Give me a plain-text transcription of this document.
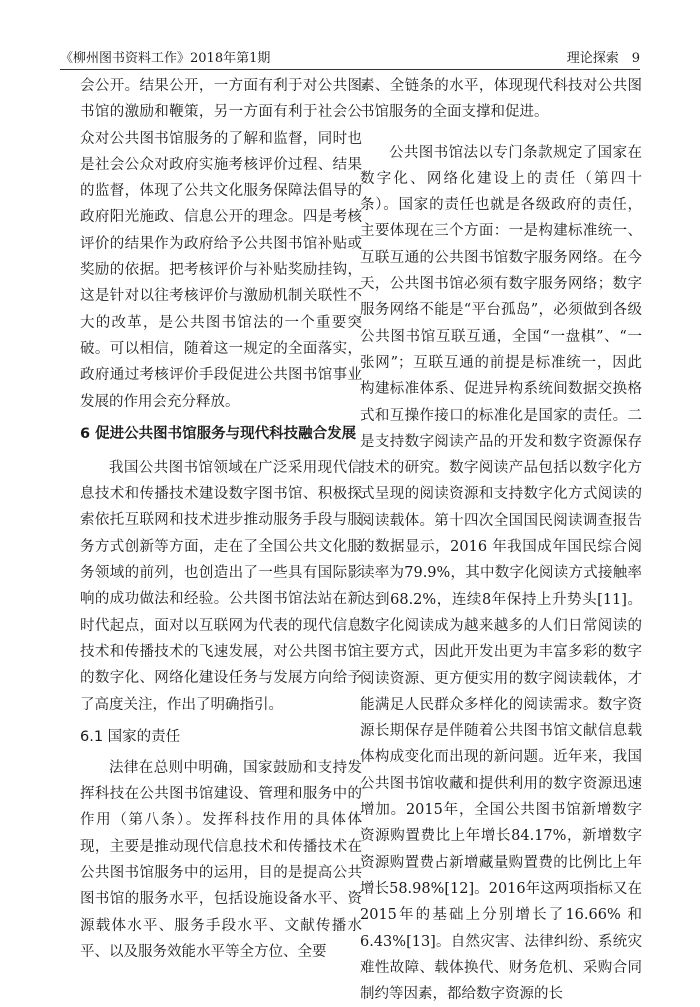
《柳州图书资料工作》2018年第1期	理论探索　9

会公开。结果公开，一方面有利于对公共图书馆的激励和鞭策，另一方面有利于社会公众对公共图书馆服务的了解和监督，同时也是社会公众对政府实施考核评价过程、结果的监督，体现了公共文化服务保障法倡导的政府阳光施政、信息公开的理念。四是考核评价的结果作为政府给予公共图书馆补贴或奖励的依据。把考核评价与补贴奖励挂钩，这是针对以往考核评价与激励机制关联性不大的改革，是公共图书馆法的一个重要突破。可以相信，随着这一规定的全面落实，政府通过考核评价手段促进公共图书馆事业发展的作用会充分释放。

6 促进公共图书馆服务与现代科技融合发展

我国公共图书馆领域在广泛采用现代信息技术和传播技术建设数字图书馆、积极探索依托互联网和技术进步推动服务手段与服务方式创新等方面，走在了全国公共文化服务领域的前列，也创造出了一些具有国际影响的成功做法和经验。公共图书馆法站在新时代起点，面对以互联网为代表的现代信息技术和传播技术的飞速发展，对公共图书馆的数字化、网络化建设任务与发展方向给予了高度关注，作出了明确指引。

6.1 国家的责任

法律在总则中明确，国家鼓励和支持发挥科技在公共图书馆建设、管理和服务中的作用（第八条）。发挥科技作用的具体体现，主要是推动现代信息技术和传播技术在公共图书馆服务中的运用，目的是提高公共图书馆的服务水平，包括设施设备水平、资源载体水平、服务手段水平、文献传播水平、以及服务效能水平等全方位、全要

素、全链条的水平，体现现代科技对公共图书馆服务的全面支撑和促进。

公共图书馆法以专门条款规定了国家在数字化、网络化建设上的责任（第四十条）。国家的责任也就是各级政府的责任，主要体现在三个方面：一是构建标准统一、互联互通的公共图书馆数字服务网络。在今天，公共图书馆必须有数字服务网络；数字服务网络不能是“平台孤岛”，必须做到各级公共图书馆互联互通，全国“一盘棋”、“一张网”；互联互通的前提是标准统一，因此构建标准体系、促进异构系统间数据交换格式和互操作接口的标准化是国家的责任。二是支持数字阅读产品的开发和数字资源保存技术的研究。数字阅读产品包括以数字化方式呈现的阅读资源和支持数字化方式阅读的阅读载体。第十四次全国国民阅读调查报告的数据显示，2016 年我国成年国民综合阅读率为79.9%，其中数字化阅读方式接触率达到68.2%，连续8年保持上升势头[11]。数字化阅读成为越来越多的人们日常阅读的主要方式，因此开发出更为丰富多彩的数字阅读资源、更方便实用的数字阅读载体，才能满足人民群众多样化的阅读需求。数字资源长期保存是伴随着公共图书馆文献信息载体构成变化而出现的新问题。近年来，我国公共图书馆收藏和提供利用的数字资源迅速增加。2015年，全国公共图书馆新增数字资源购置费比上年增长84.17%，新增数字资源购置费占新增藏量购置费的比例比上年增长58.98%[12]。2016年这两项指标又在2015年的基础上分别增长了16.66% 和6.43%[13]。自然灾害、法律纠纷、系统灾难性故障、载体换代、财务危机、采购合同制约等因素，都给数字资源的长
